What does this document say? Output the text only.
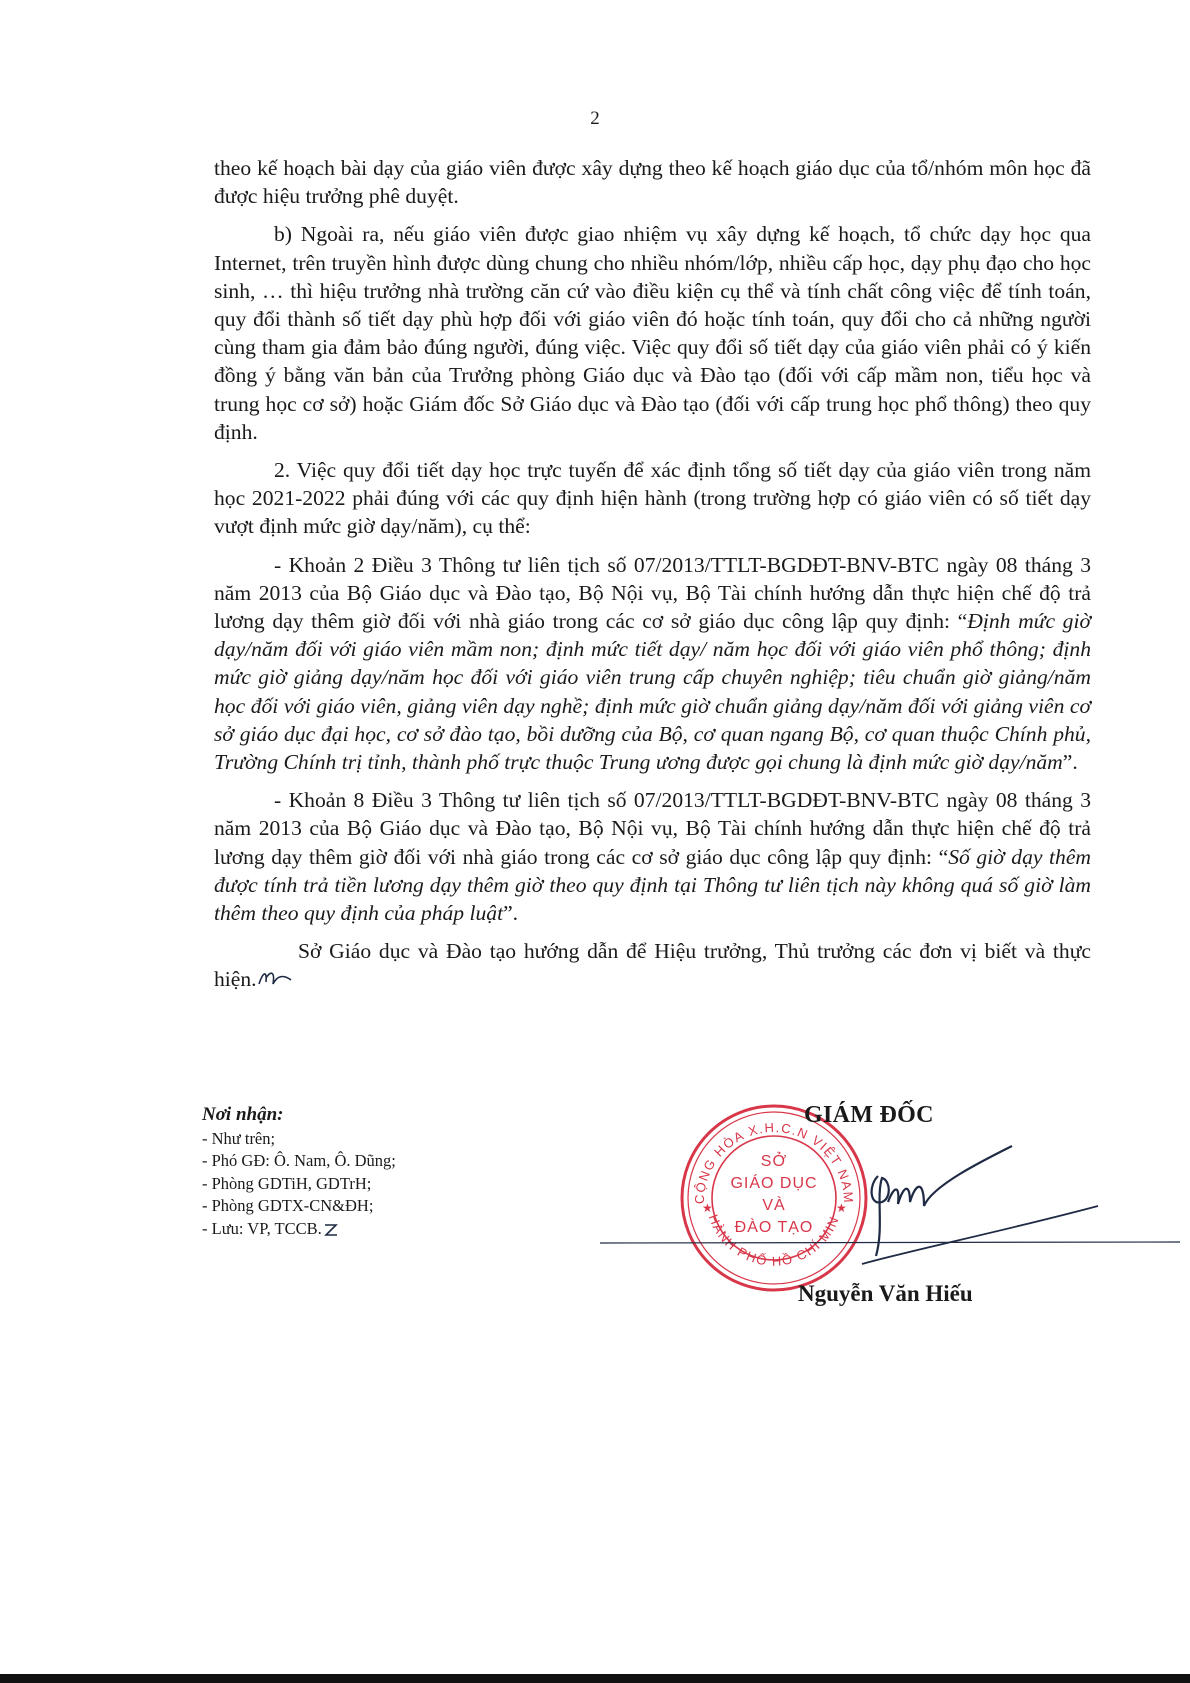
2

theo kế hoạch bài dạy của giáo viên được xây dựng theo kế hoạch giáo dục của tổ/nhóm môn học đã được hiệu trưởng phê duyệt.

b) Ngoài ra, nếu giáo viên được giao nhiệm vụ xây dựng kế hoạch, tổ chức dạy học qua Internet, trên truyền hình được dùng chung cho nhiều nhóm/lớp, nhiều cấp học, dạy phụ đạo cho học sinh, … thì hiệu trưởng nhà trường căn cứ vào điều kiện cụ thể và tính chất công việc để tính toán, quy đổi thành số tiết dạy phù hợp đối với giáo viên đó hoặc tính toán, quy đổi cho cả những người cùng tham gia đảm bảo đúng người, đúng việc. Việc quy đổi số tiết dạy của giáo viên phải có ý kiến đồng ý bằng văn bản của Trưởng phòng Giáo dục và Đào tạo (đối với cấp mầm non, tiểu học và trung học cơ sở) hoặc Giám đốc Sở Giáo dục và Đào tạo (đối với cấp trung học phổ thông) theo quy định.

2. Việc quy đổi tiết dạy học trực tuyến để xác định tổng số tiết dạy của giáo viên trong năm học 2021-2022 phải đúng với các quy định hiện hành (trong trường hợp có giáo viên có số tiết dạy vượt định mức giờ dạy/năm), cụ thể:

- Khoản 2 Điều 3 Thông tư liên tịch số 07/2013/TTLT-BGDĐT-BNV-BTC ngày 08 tháng 3 năm 2013 của Bộ Giáo dục và Đào tạo, Bộ Nội vụ, Bộ Tài chính hướng dẫn thực hiện chế độ trả lương dạy thêm giờ đối với nhà giáo trong các cơ sở giáo dục công lập quy định: “Định mức giờ dạy/năm đối với giáo viên mầm non; định mức tiết dạy/ năm học đối với giáo viên phổ thông; định mức giờ giảng dạy/năm học đối với giáo viên trung cấp chuyên nghiệp; tiêu chuẩn giờ giảng/năm học đối với giáo viên, giảng viên dạy nghề; định mức giờ chuẩn giảng dạy/năm đối với giảng viên cơ sở giáo dục đại học, cơ sở đào tạo, bồi dưỡng của Bộ, cơ quan ngang Bộ, cơ quan thuộc Chính phủ, Trường Chính trị tỉnh, thành phố trực thuộc Trung ương được gọi chung là định mức giờ dạy/năm”.

- Khoản 8 Điều 3 Thông tư liên tịch số 07/2013/TTLT-BGDĐT-BNV-BTC ngày 08 tháng 3 năm 2013 của Bộ Giáo dục và Đào tạo, Bộ Nội vụ, Bộ Tài chính hướng dẫn thực hiện chế độ trả lương dạy thêm giờ đối với nhà giáo trong các cơ sở giáo dục công lập quy định: “Số giờ dạy thêm được tính trả tiền lương dạy thêm giờ theo quy định tại Thông tư liên tịch này không quá số giờ làm thêm theo quy định của pháp luật”.

Sở Giáo dục và Đào tạo hướng dẫn để Hiệu trưởng, Thủ trưởng các đơn vị biết và thực hiện.

Nơi nhận:
- Như trên;
- Phó GĐ: Ô. Nam, Ô. Dũng;
- Phòng GDTiH, GDTrH;
- Phòng GDTX-CN&ĐH;
- Lưu: VP, TCCB.
CỘNG HÒA X.H.C.N VIỆT NAM
HÀNH PHỐ HỒ CHÍ MIN
★	★
SỞ
GIÁO DỤC
VÀ
ĐÀO TẠO
GIÁM ĐỐC
Nguyễn Văn Hiếu
